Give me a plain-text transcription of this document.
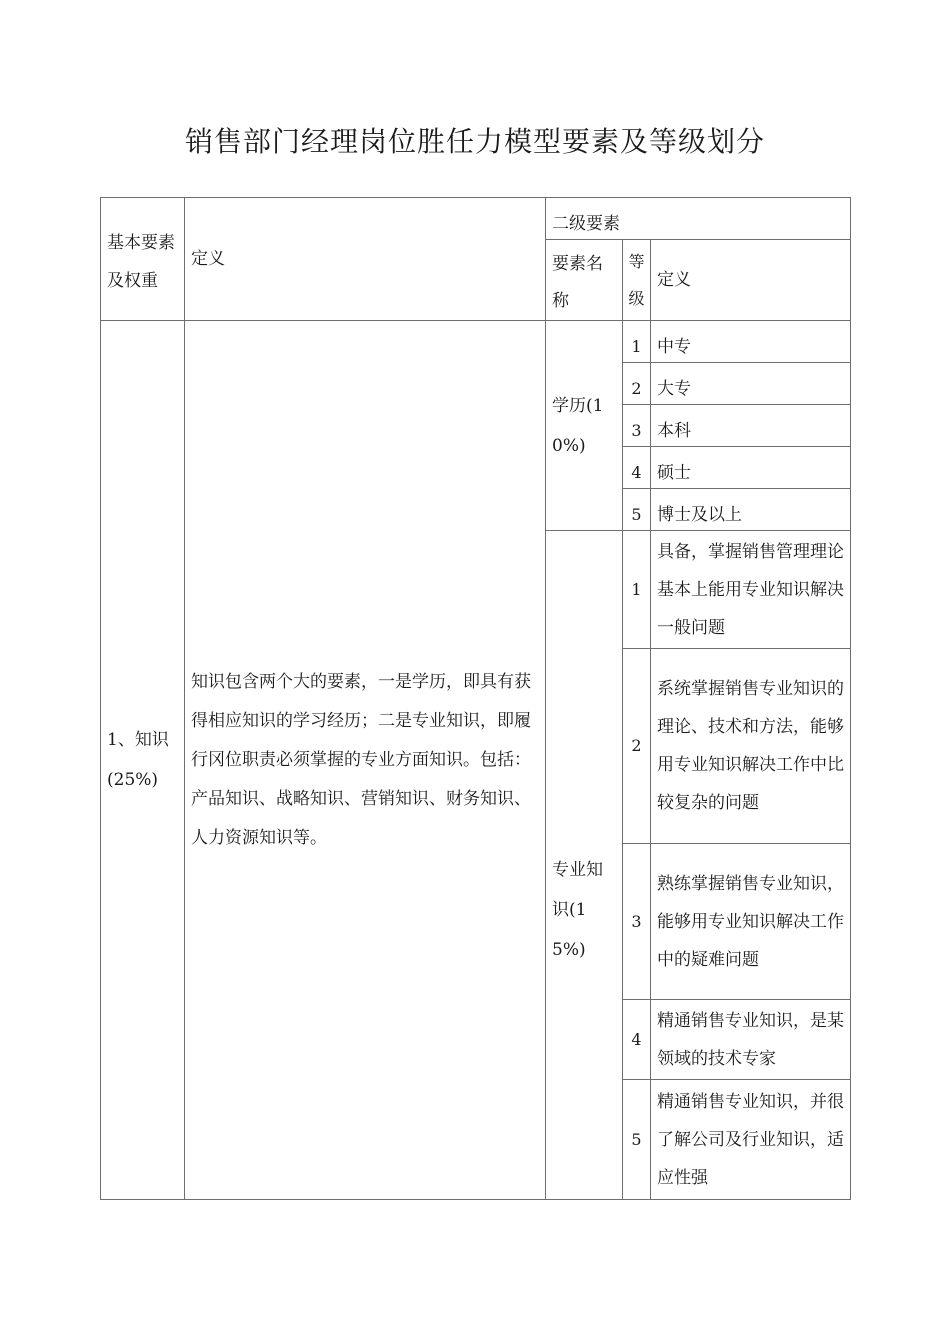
销售部门经理岗位胜任力模型要素及等级划分
基本要素
及权重	定义	二级要素		
		要素名称	等级	定义
1、知识(25%)	知识包含两个大的要素，一是学历，即具有获得相应知识的学习经历；二是专业知识，即履行冈位职责必须掌握的专业方面知识。包括：产品知识、战略知识、营销知识、财务知识、人力资源知识等。	学历(10%)	1	中专
			2	大专
			3	本科
			4	硕士
			5	博士及以上
		专业知识(15%)	1	具备，掌握销售管理理论基本上能用专业知识解决一般问题
			2	系统掌握销售专业知识的理论、技术和方法，能够用专业知识解决工作中比较复杂的问题
			3	熟练掌握销售专业知识，能够用专业知识解决工作中的疑难问题
			4	精通销售专业知识，是某领域的技术专家
			5	精通销售专业知识，并很了解公司及行业知识，适应性强
